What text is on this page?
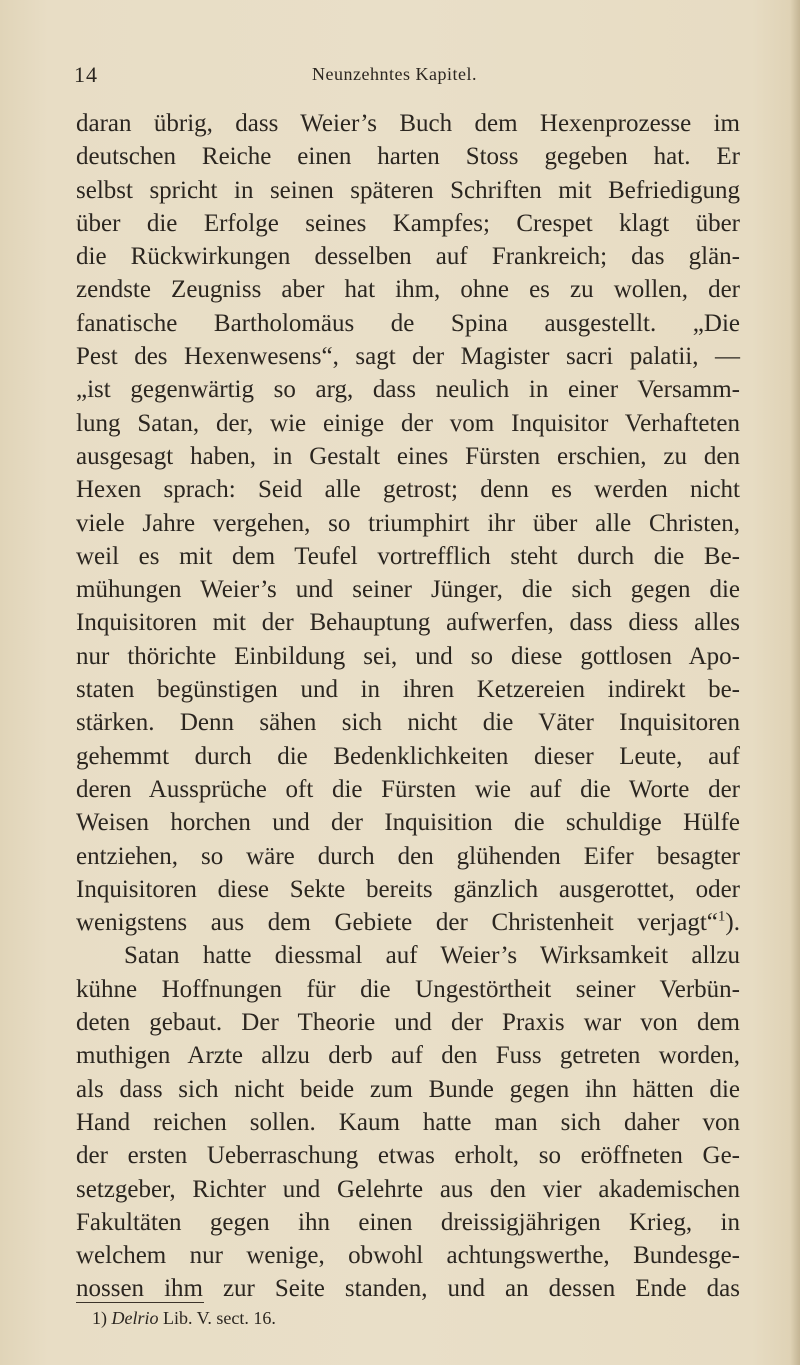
14	Neunzehntes Kapitel.
daran übrig, dass Weier’s Buch dem Hexenprozesse im
deutschen Reiche einen harten Stoss gegeben hat. Er
selbst spricht in seinen späteren Schriften mit Befriedigung
über die Erfolge seines Kampfes; Crespet klagt über
die Rückwirkungen desselben auf Frankreich; das glän-
zendste Zeugniss aber hat ihm, ohne es zu wollen, der
fanatische Bartholomäus de Spina ausgestellt. „Die
Pest des Hexenwesens“, sagt der Magister sacri palatii, —
„ist gegenwärtig so arg, dass neulich in einer Versamm-
lung Satan, der, wie einige der vom Inquisitor Verhafteten
ausgesagt haben, in Gestalt eines Fürsten erschien, zu den
Hexen sprach: Seid alle getrost; denn es werden nicht
viele Jahre vergehen, so triumphirt ihr über alle Christen,
weil es mit dem Teufel vortrefflich steht durch die Be-
mühungen Weier’s und seiner Jünger, die sich gegen die
Inquisitoren mit der Behauptung aufwerfen, dass diess alles
nur thörichte Einbildung sei, und so diese gottlosen Apo-
staten begünstigen und in ihren Ketzereien indirekt be-
stärken. Denn sähen sich nicht die Väter Inquisitoren
gehemmt durch die Bedenklichkeiten dieser Leute, auf
deren Aussprüche oft die Fürsten wie auf die Worte der
Weisen horchen und der Inquisition die schuldige Hülfe
entziehen, so wäre durch den glühenden Eifer besagter
Inquisitoren diese Sekte bereits gänzlich ausgerottet, oder
wenigstens aus dem Gebiete der Christenheit verjagt“$^1$).
Satan hatte diessmal auf Weier’s Wirksamkeit allzu
kühne Hoffnungen für die Ungestörtheit seiner Verbün-
deten gebaut. Der Theorie und der Praxis war von dem
muthigen Arzte allzu derb auf den Fuss getreten worden,
als dass sich nicht beide zum Bunde gegen ihn hätten die
Hand reichen sollen. Kaum hatte man sich daher von
der ersten Ueberraschung etwas erholt, so eröffneten Ge-
setzgeber, Richter und Gelehrte aus den vier akademischen
Fakultäten gegen ihn einen dreissigjährigen Krieg, in
welchem nur wenige, obwohl achtungswerthe, Bundesge-
nossen ihm zur Seite standen, und an dessen Ende das
1) Delrio Lib. V. sect. 16.
